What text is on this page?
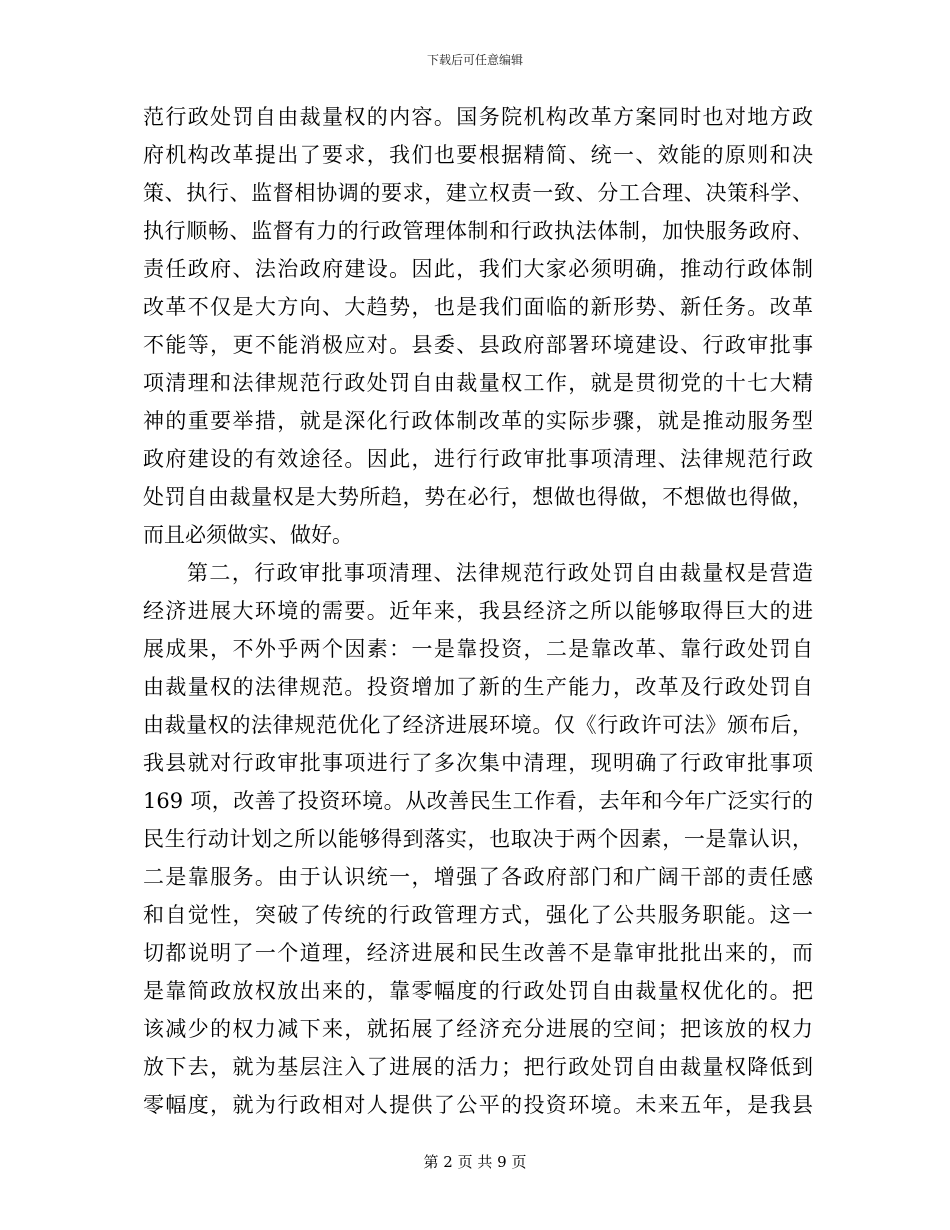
下载后可任意编辑
范行政处罚自由裁量权的内容。国务院机构改革方案同时也对地方政
府机构改革提出了要求，我们也要根据精简、统一、效能的原则和决
策、执行、监督相协调的要求，建立权责一致、分工合理、决策科学、
执行顺畅、监督有力的行政管理体制和行政执法体制，加快服务政府、
责任政府、法治政府建设。因此，我们大家必须明确，推动行政体制
改革不仅是大方向、大趋势，也是我们面临的新形势、新任务。改革
不能等，更不能消极应对。县委、县政府部署环境建设、行政审批事
项清理和法律规范行政处罚自由裁量权工作，就是贯彻党的十七大精
神的重要举措，就是深化行政体制改革的实际步骤，就是推动服务型
政府建设的有效途径。因此，进行行政审批事项清理、法律规范行政
处罚自由裁量权是大势所趋，势在必行，想做也得做，不想做也得做，
而且必须做实、做好。
第二，行政审批事项清理、法律规范行政处罚自由裁量权是营造
经济进展大环境的需要。近年来，我县经济之所以能够取得巨大的进
展成果，不外乎两个因素：一是靠投资，二是靠改革、靠行政处罚自
由裁量权的法律规范。投资增加了新的生产能力，改革及行政处罚自
由裁量权的法律规范优化了经济进展环境。仅《行政许可法》颁布后，
我县就对行政审批事项进行了多次集中清理，现明确了行政审批事项
169 项，改善了投资环境。从改善民生工作看，去年和今年广泛实行的
民生行动计划之所以能够得到落实，也取决于两个因素，一是靠认识，
二是靠服务。由于认识统一，增强了各政府部门和广阔干部的责任感
和自觉性，突破了传统的行政管理方式，强化了公共服务职能。这一
切都说明了一个道理，经济进展和民生改善不是靠审批批出来的，而
是靠简政放权放出来的，靠零幅度的行政处罚自由裁量权优化的。把
该减少的权力减下来，就拓展了经济充分进展的空间；把该放的权力
放下去，就为基层注入了进展的活力；把行政处罚自由裁量权降低到
零幅度，就为行政相对人提供了公平的投资环境。未来五年，是我县
第 2 页 共 9 页
